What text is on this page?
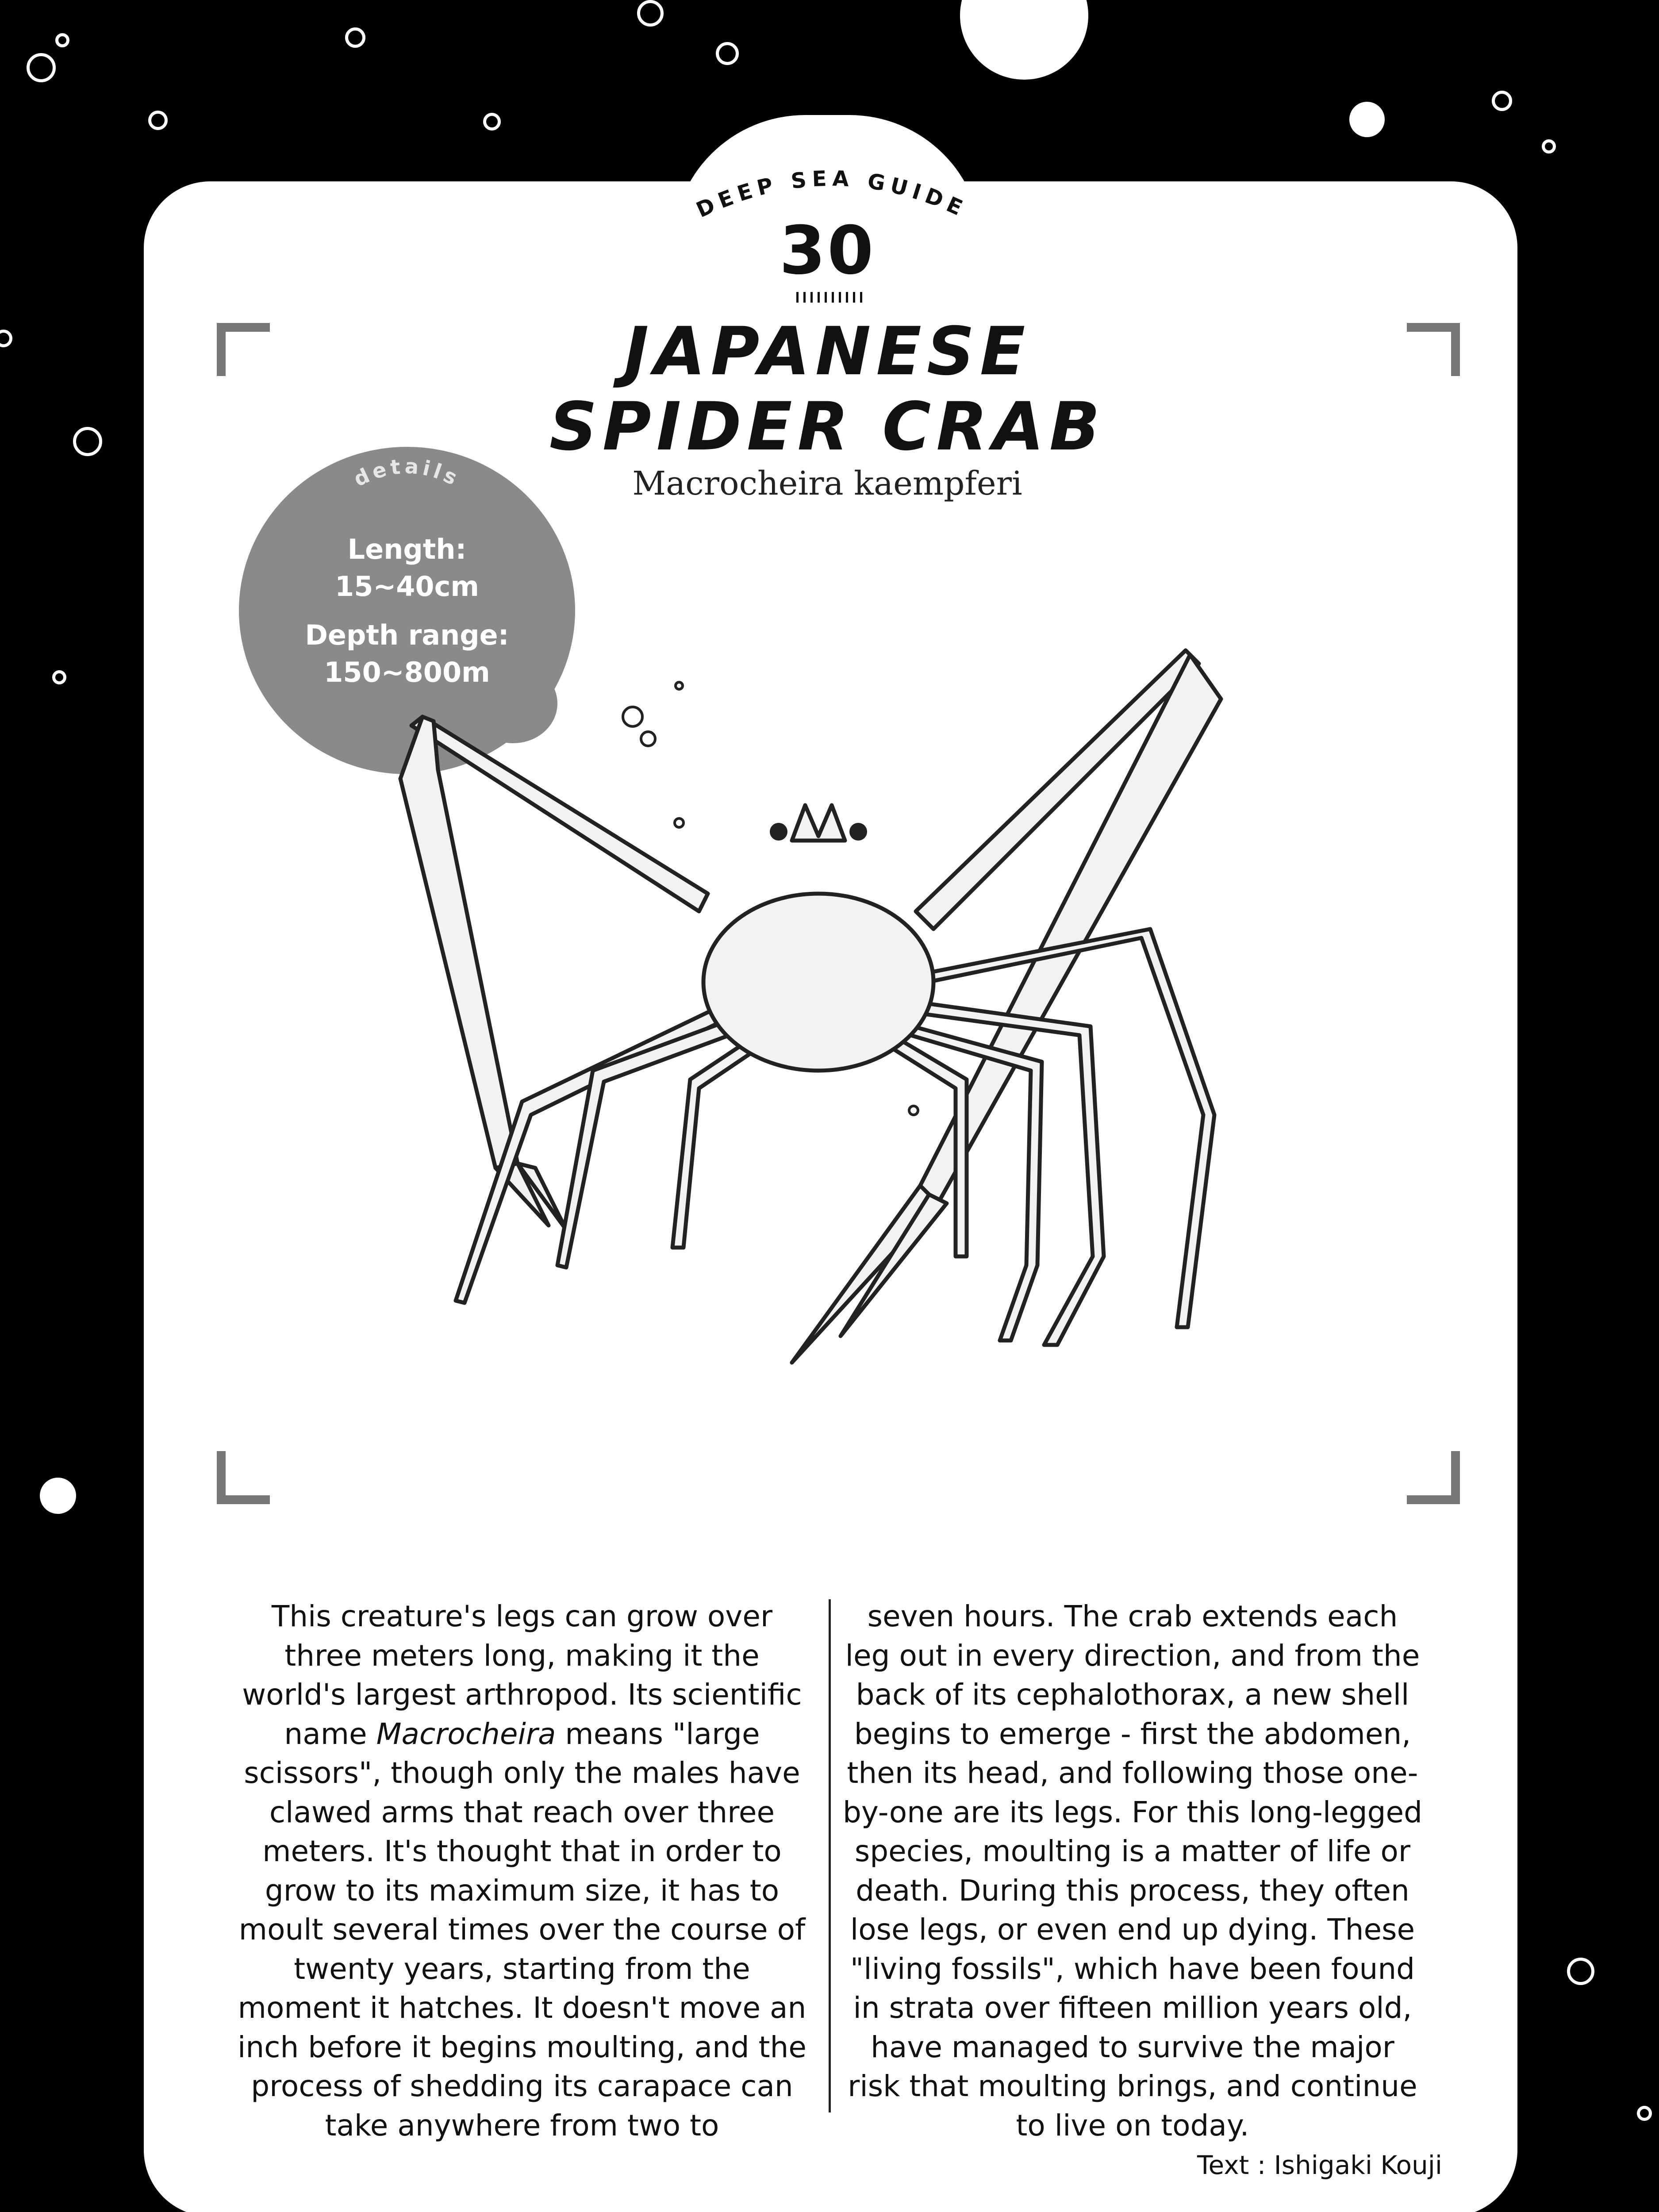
DEEP SEA GUIDE
30
JAPANESE
SPIDER CRAB
Macrocheira kaempferi
details
Length:
15~40cm
Depth range:
150~800m
This creature's legs can grow over three meters long, making it the world's largest arthropod. Its scientific name Macrocheira means "large scissors", though only the males have clawed arms that reach over three meters. It's thought that in order to grow to its maximum size, it has to moult several times over the course of twenty years, starting from the moment it hatches. It doesn't move an inch before it begins moulting, and the process of shedding its carapace can take anywhere from two to
seven hours. The crab extends each leg out in every direction, and from the back of its cephalothorax, a new shell begins to emerge - first the abdomen, then its head, and following those one-by-one are its legs. For this long-legged species, moulting is a matter of life or death. During this process, they often lose legs, or even end up dying. These "living fossils", which have been found in strata over fifteen million years old, have managed to survive the major risk that moulting brings, and continue to live on today.
Text : Ishigaki Kouji
